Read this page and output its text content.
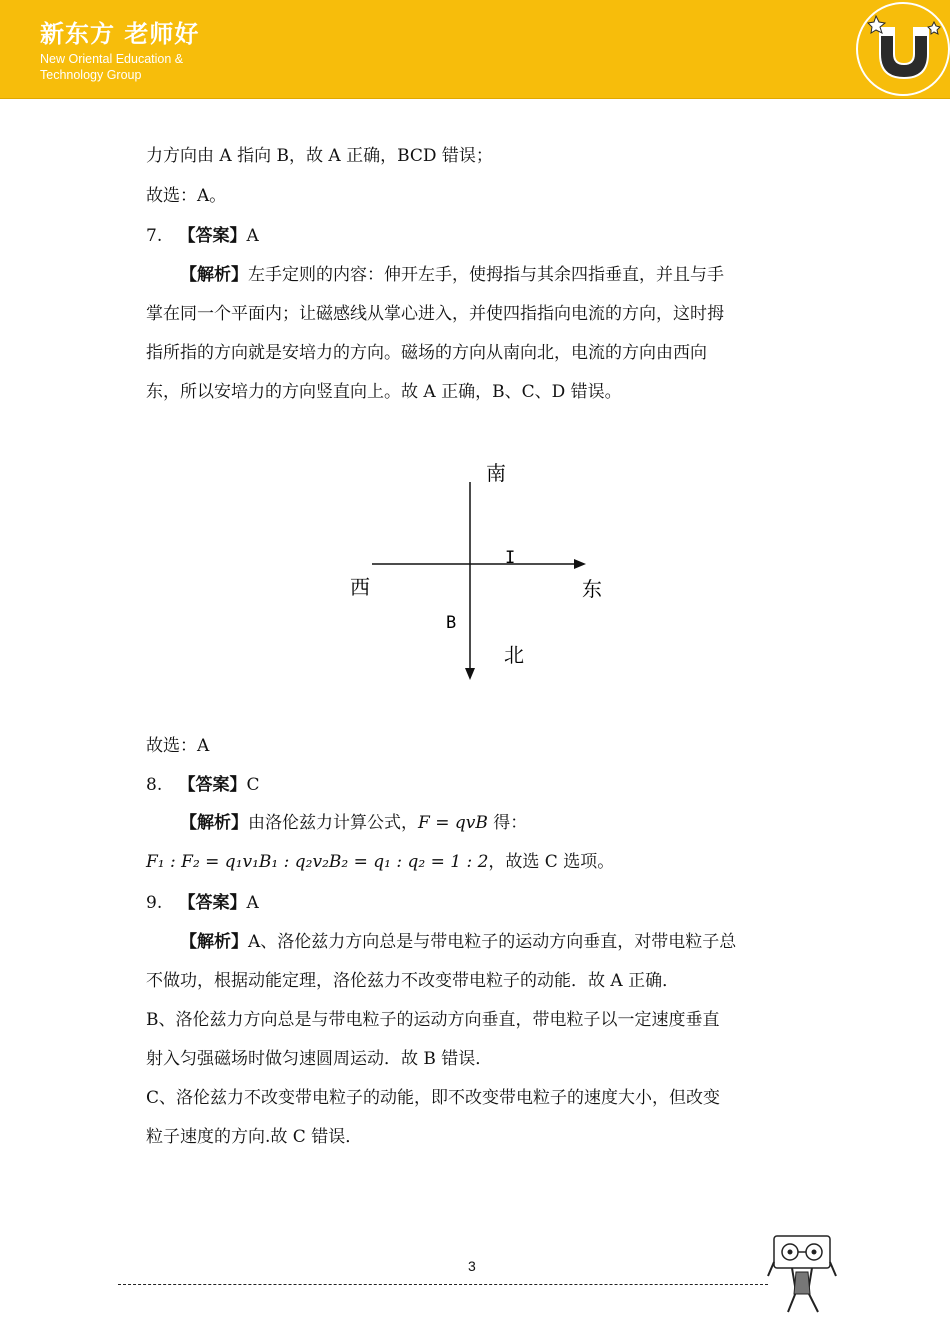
新东方 老师好
New Oriental Education &
Technology Group
力方向由 A 指向 B，故 A 正确，BCD 错误；
故选：A。
7. 【答案】A
【解析】左手定则的内容：伸开左手，使拇指与其余四指垂直，并且与手
掌在同一个平面内；让磁感线从掌心进入，并使四指指向电流的方向，这时拇
指所指的方向就是安培力的方向。磁场的方向从南向北，电流的方向由西向
东，所以安培力的方向竖直向上。故 A 正确，B、C、D 错误。
故选：A
8. 【答案】C
【解析】由洛伦兹力计算公式，F = qvB 得：
F₁ : F₂ = q₁v₁B₁ : q₂v₂B₂ = q₁ : q₂ = 1 : 2，故选 C 选项。
9. 【答案】A
【解析】A、洛伦兹力方向总是与带电粒子的运动方向垂直，对带电粒子总
不做功，根据动能定理，洛伦兹力不改变带电粒子的动能．故 A 正确．
B、洛伦兹力方向总是与带电粒子的运动方向垂直，带电粒子以一定速度垂直
射入匀强磁场时做匀速圆周运动．故 B 错误．
C、洛伦兹力不改变带电粒子的动能，即不改变带电粒子的速度大小，但改变
粒子速度的方向.故 C 错误．
南
北
西	东
I
B
3
